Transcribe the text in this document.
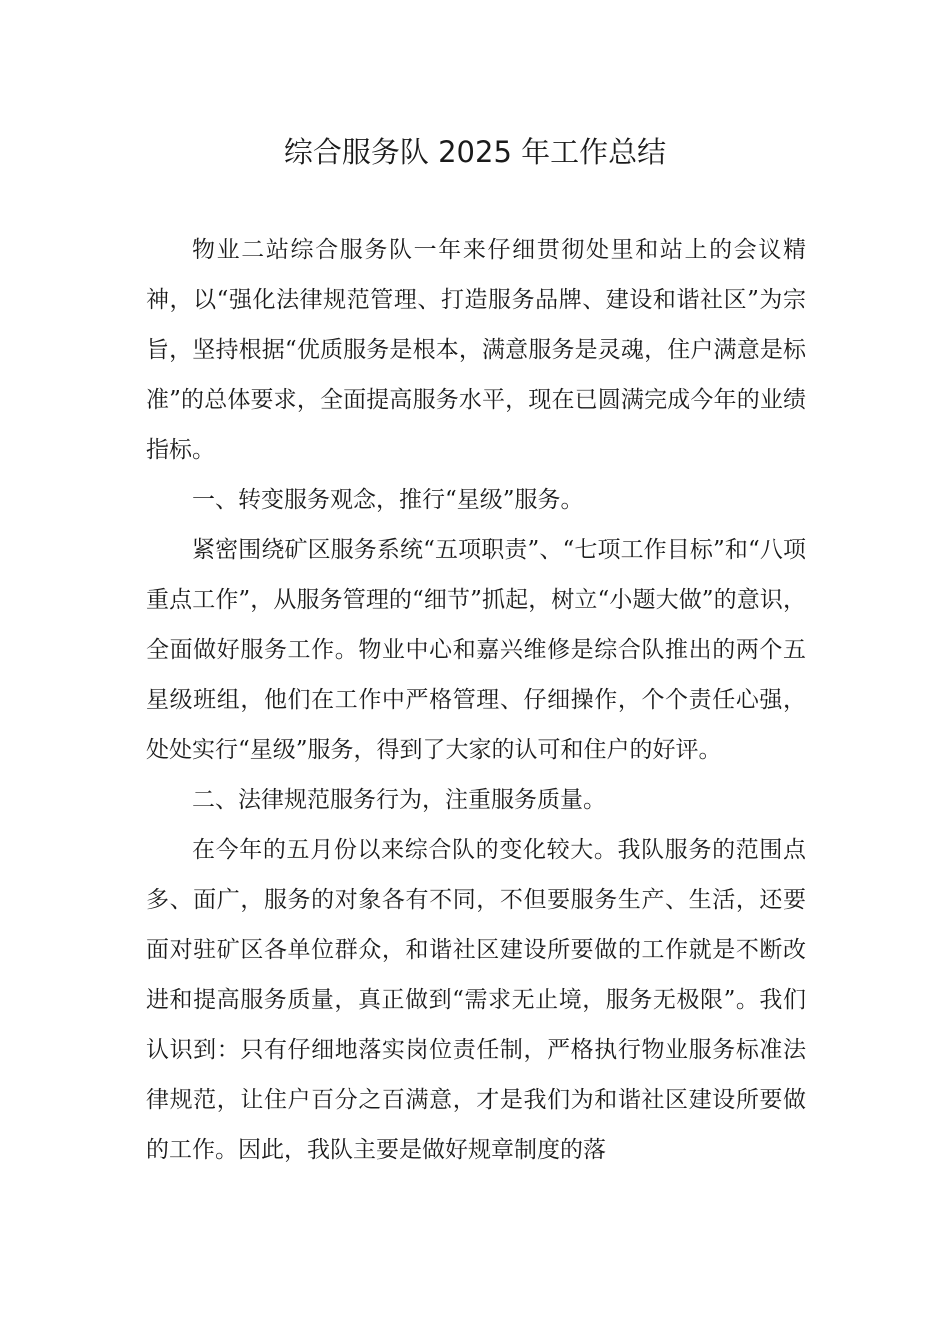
综合服务队 2025 年工作总结

物业二站综合服务队一年来仔细贯彻处里和站上的会议精神，以“强化法律规范管理、打造服务品牌、建设和谐社区”为宗旨，坚持根据“优质服务是根本，满意服务是灵魂，住户满意是标准”的总体要求，全面提高服务水平，现在已圆满完成今年的业绩指标。

一、转变服务观念，推行“星级”服务。

紧密围绕矿区服务系统“五项职责”、“七项工作目标”和“八项重点工作”，从服务管理的“细节”抓起，树立“小题大做”的意识，全面做好服务工作。物业中心和嘉兴维修是综合队推出的两个五星级班组，他们在工作中严格管理、仔细操作，个个责任心强，处处实行“星级”服务，得到了大家的认可和住户的好评。

二、法律规范服务行为，注重服务质量。

在今年的五月份以来综合队的变化较大。我队服务的范围点多、面广，服务的对象各有不同，不但要服务生产、生活，还要面对驻矿区各单位群众，和谐社区建设所要做的工作就是不断改进和提高服务质量，真正做到“需求无止境，服务无极限”。我们认识到：只有仔细地落实岗位责任制，严格执行物业服务标准法律规范，让住户百分之百满意，才是我们为和谐社区建设所要做的工作。因此，我队主要是做好规章制度的落
